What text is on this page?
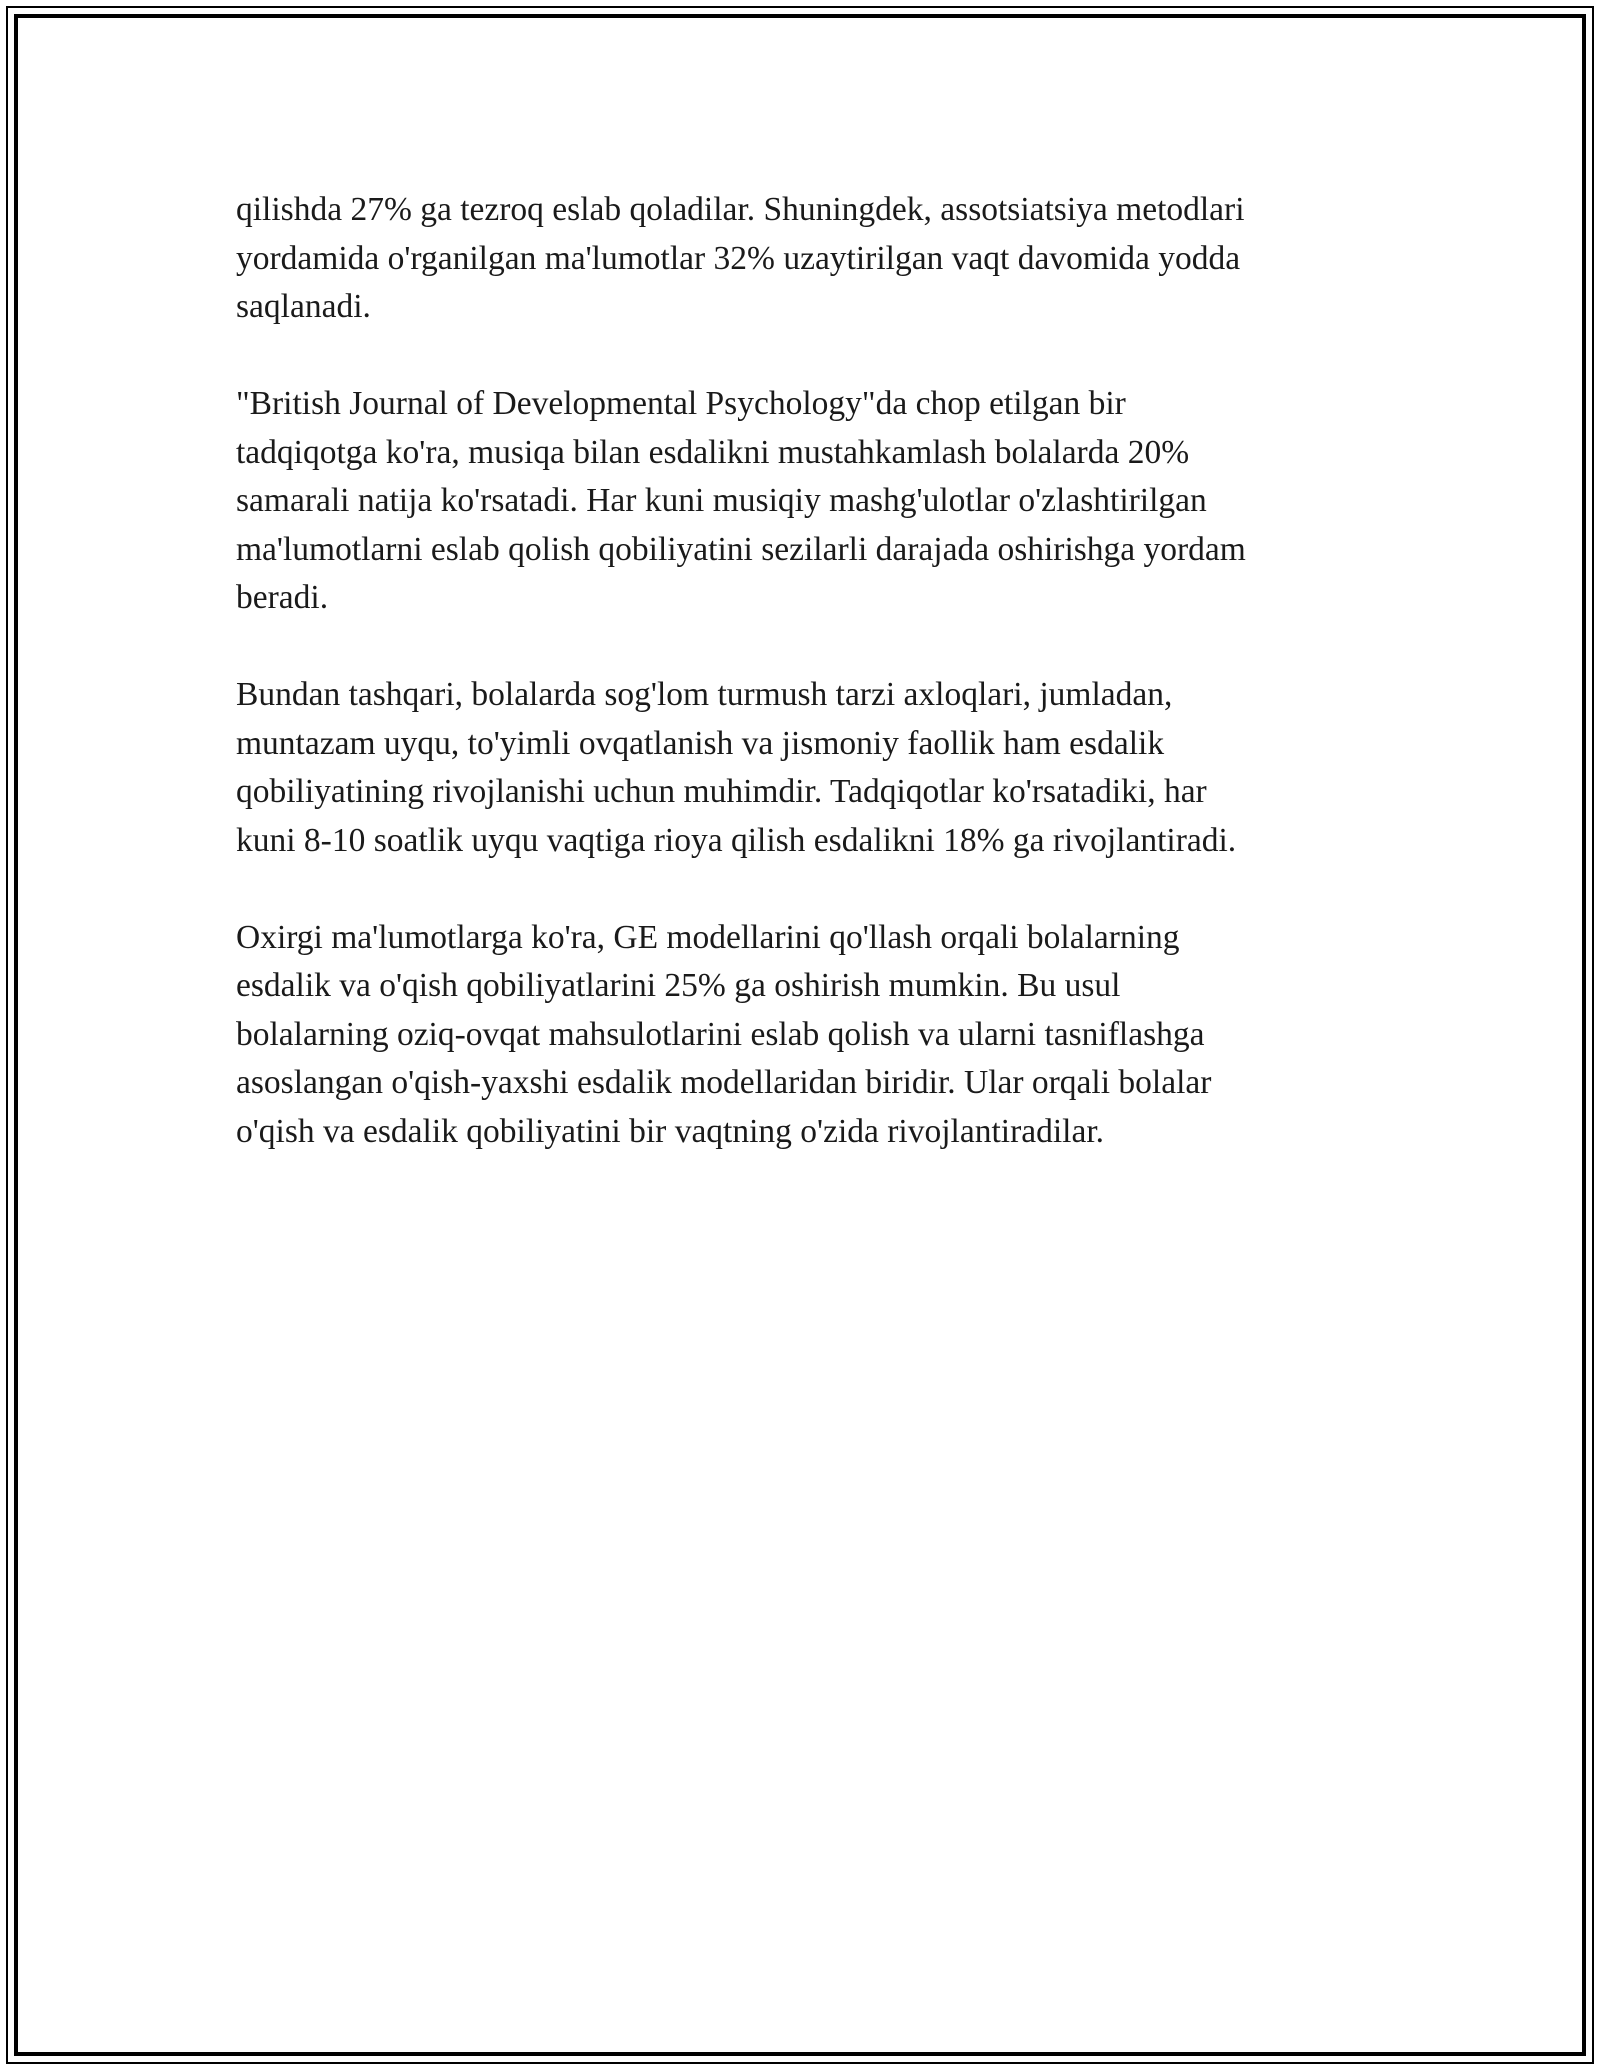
qilishda 27% ga tezroq eslab qoladilar. Shuningdek, assotsiatsiya metodlari
yordamida o'rganilgan ma'lumotlar 32% uzaytirilgan vaqt davomida yodda
saqlanadi.

"British Journal of Developmental Psychology"da chop etilgan bir
tadqiqotga ko'ra, musiqa bilan esdalikni mustahkamlash bolalarda 20%
samarali natija ko'rsatadi. Har kuni musiqiy mashg'ulotlar o'zlashtirilgan
ma'lumotlarni eslab qolish qobiliyatini sezilarli darajada oshirishga yordam
beradi.

Bundan tashqari, bolalarda sog'lom turmush tarzi axloqlari, jumladan,
muntazam uyqu, to'yimli ovqatlanish va jismoniy faollik ham esdalik
qobiliyatining rivojlanishi uchun muhimdir. Tadqiqotlar ko'rsatadiki, har
kuni 8-10 soatlik uyqu vaqtiga rioya qilish esdalikni 18% ga rivojlantiradi.

Oxirgi ma'lumotlarga ko'ra, GE modellarini qo'llash orqali bolalarning
esdalik va o'qish qobiliyatlarini 25% ga oshirish mumkin. Bu usul
bolalarning oziq-ovqat mahsulotlarini eslab qolish va ularni tasniflashga
asoslangan o'qish-yaxshi esdalik modellaridan biridir. Ular orqali bolalar
o'qish va esdalik qobiliyatini bir vaqtning o'zida rivojlantiradilar.
